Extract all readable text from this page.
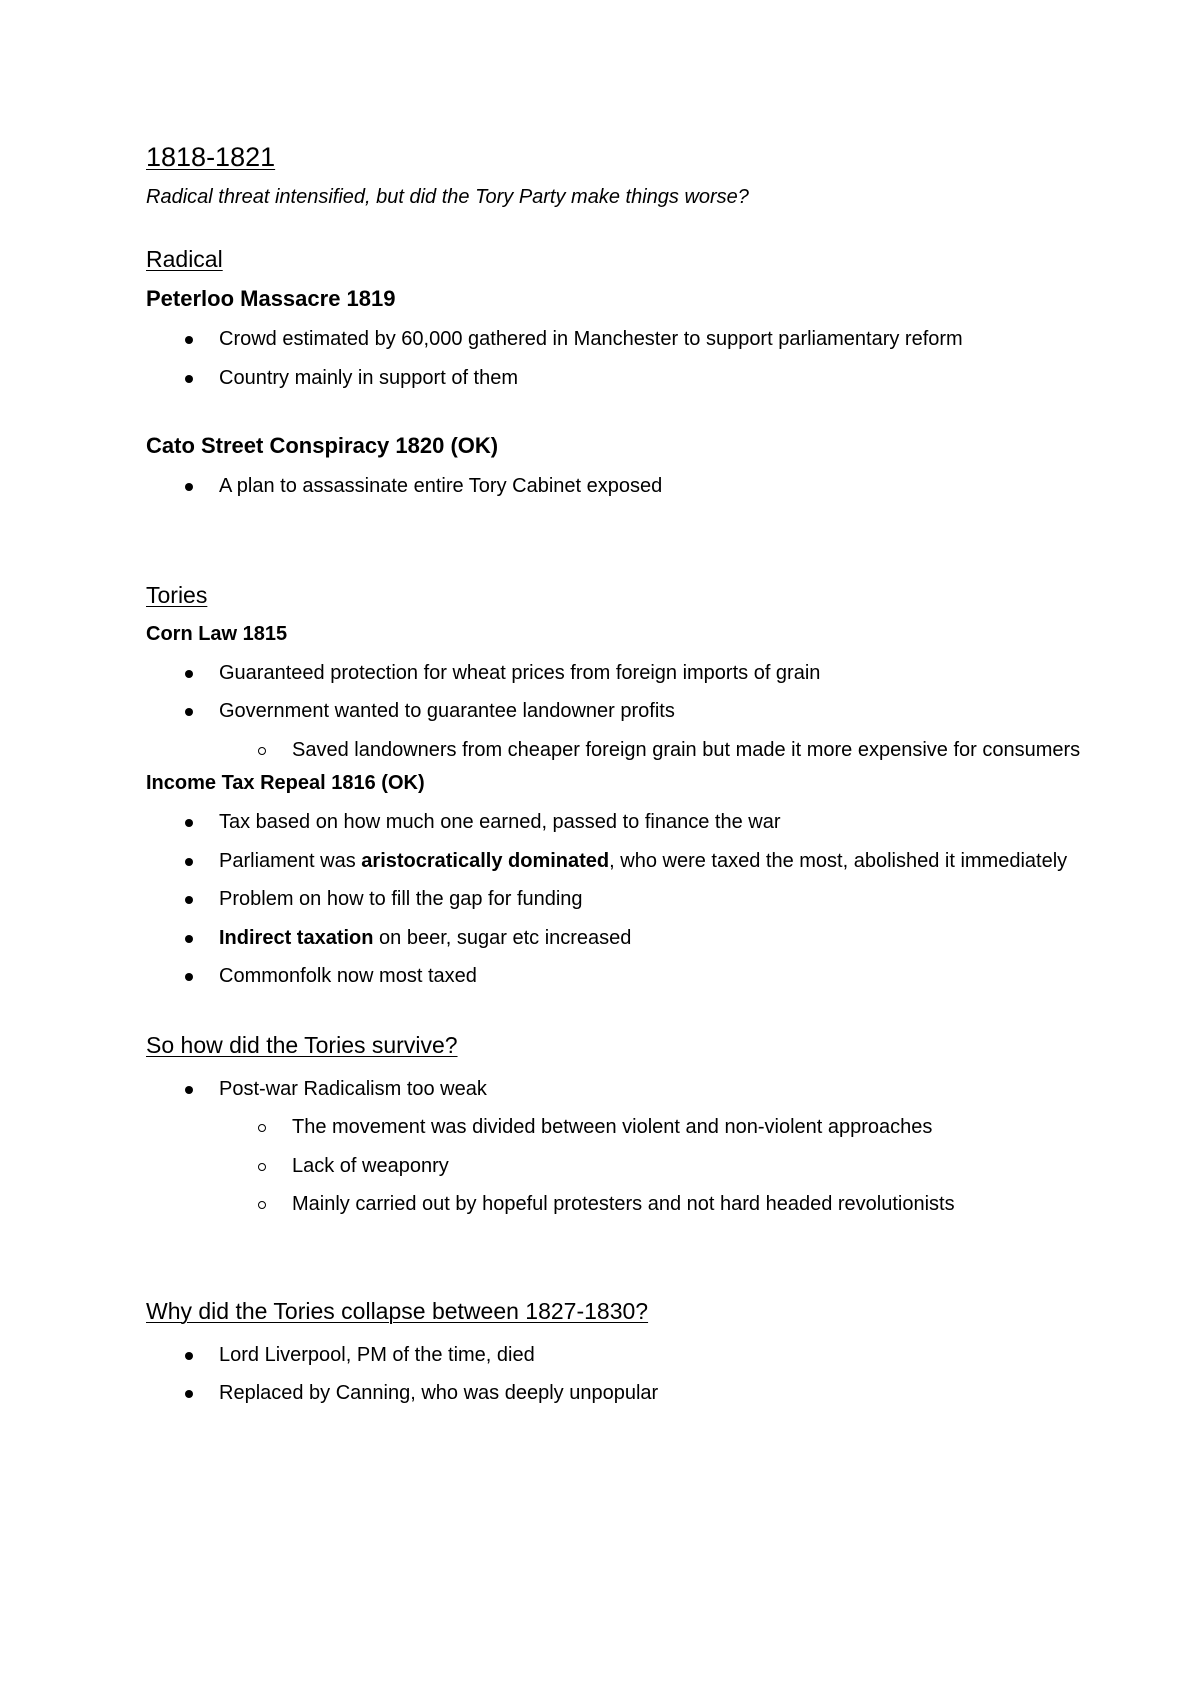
1818-1821
Radical threat intensified, but did the Tory Party make things worse?
Radical
Peterloo Massacre 1819
Crowd estimated by 60,000 gathered in Manchester to support parliamentary reform
Country mainly in support of them
Cato Street Conspiracy 1820 (OK)
A plan to assassinate entire Tory Cabinet exposed
Tories
Corn Law 1815
Guaranteed protection for wheat prices from foreign imports of grain
Government wanted to guarantee landowner profits
Saved landowners from cheaper foreign grain but made it more expensive for consumers
Income Tax Repeal 1816 (OK)
Tax based on how much one earned, passed to finance the war
Parliament was aristocratically dominated, who were taxed the most, abolished it immediately
Problem on how to fill the gap for funding
Indirect taxation on beer, sugar etc increased
Commonfolk now most taxed
So how did the Tories survive?
Post-war Radicalism too weak
The movement was divided between violent and non-violent approaches
Lack of weaponry
Mainly carried out by hopeful protesters and not hard headed revolutionists
Why did the Tories collapse between 1827-1830?
Lord Liverpool, PM of the time, died
Replaced by Canning, who was deeply unpopular
